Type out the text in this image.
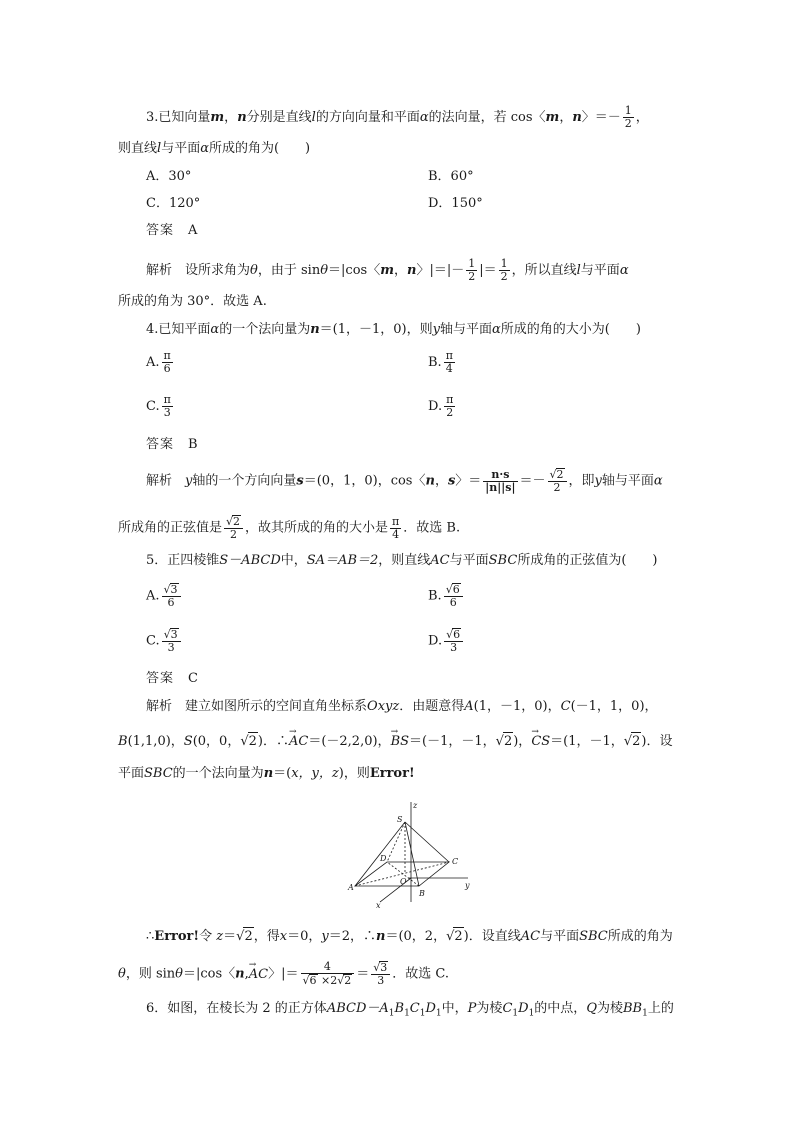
3.已知向量m，n分别是直线l的方向向量和平面α的法向量，若 cos〈m，n〉＝－ $\frac{1}{2}$ ，
则直线l与平面α所成的角为(　　)
A．30°	B．60°
C．120°	D．150°
答案　 A
解析　 设所求角为θ，由于 sinθ＝|cos〈m，n〉|＝|－ $\frac{1}{2}$ |＝ $\frac{1}{2}$ ，所以直线l与平面α
所成的角为 30°．故选 A.
4.已知平面α的一个法向量为n＝(1，－1，0)，则y轴与平面α所成的角的大小为(　　)
A. $\frac{\pi}{6}$	B. $\frac{\pi}{4}$
C. $\frac{\pi}{3}$	D. $\frac{\pi}{2}$
答案　 B
解析　 y轴的一个方向向量s＝(0，1，0)，cos〈n，s〉＝ $\frac{n\cdot s}{|n||s|} =- \frac{√2}{2}$ ，即y轴与平面α
所成角的正弦值是 $\frac{√2}{2}$ ，故其所成的角的大小是 $\frac{\pi}{4}$ ．故选 B.
5．正四棱锥S－ABCD中，SA＝AB＝2，则直线AC与平面SBC所成角的正弦值为(　　)
A. $\frac{√3}{6}$	B. $\frac{√6}{6}$
C. $\frac{√3}{3}$	D. $\frac{√6}{3}$
答案　 C
解析　 建立如图所示的空间直角坐标系Oxyz．由题意得A(1，－1，0)，C(－1，1，0)，
B(1,1,0)，S(0，0，√2)．∴→ AC＝(－2,2,0)，→ BS＝(－1，－1，√2)，→ CS＝(1，－1，√2)．设
平面SBC的一个法向量为n＝(x，y，z)，则Error!
z
S
D	C
O	y
A
B
x
∴Error!令 z＝√2，得x＝0，y＝2，∴n＝(0，2，√2)．设直线AC与平面SBC所成的角为
θ，则 sinθ＝|cos〈n,→ AC〉|＝ $\frac{4}{√6 \times 2√2} = \frac{√3}{3}$ ．故选 C.
6．如图，在棱长为 2 的正方体$ABCD-A_1B_1C_1D_1$中，P为棱$C_1D_1$的中点，Q为棱$BB_1$上的
